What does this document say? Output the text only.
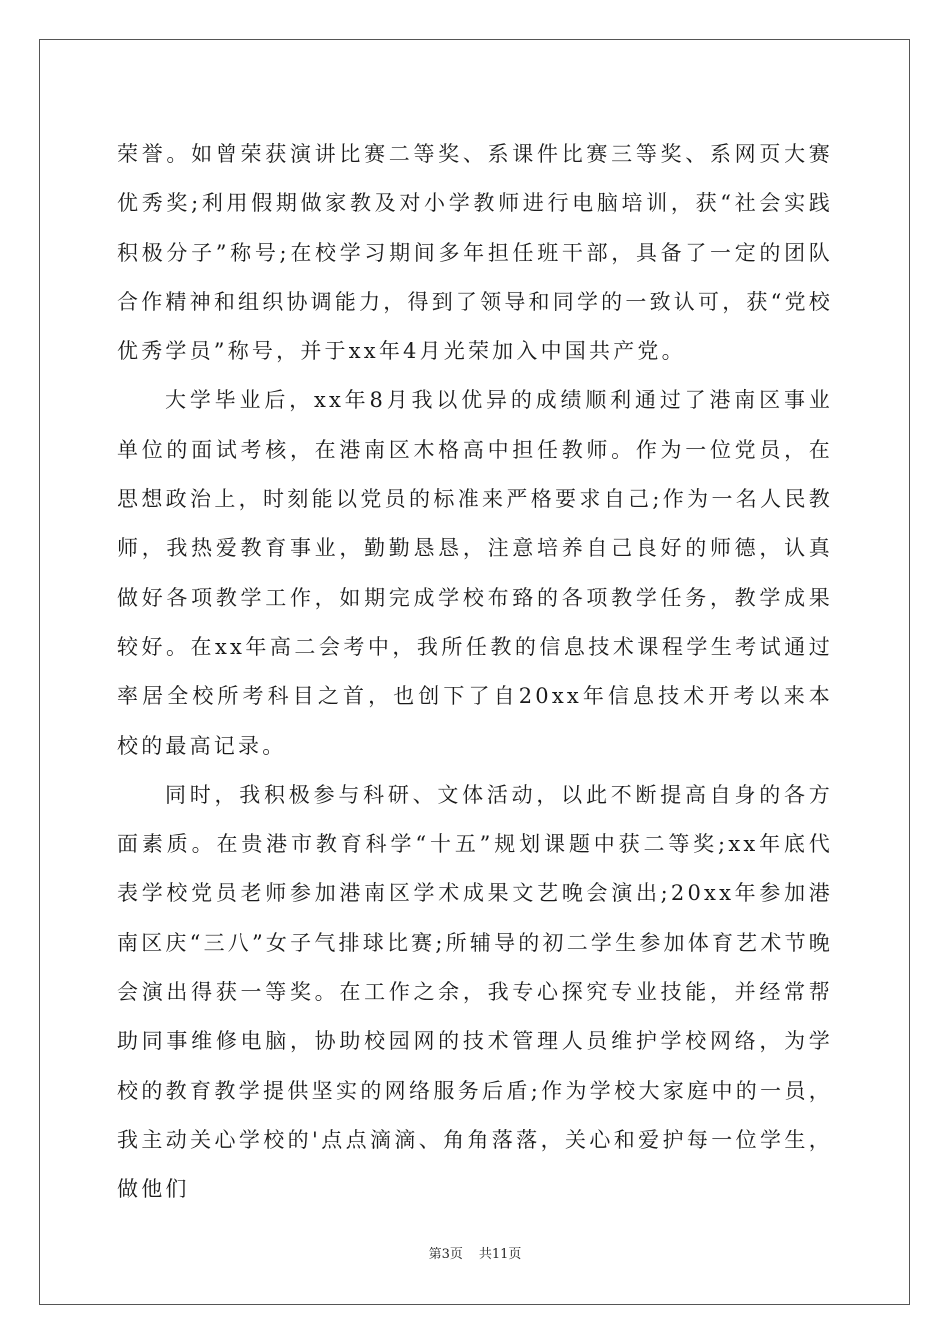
荣誉。如曾荣获演讲比赛二等奖、系课件比赛三等奖、系网页大赛优秀奖;利用假期做家教及对小学教师进行电脑培训，获“社会实践积极分子”称号;在校学习期间多年担任班干部，具备了一定的团队合作精神和组织协调能力，得到了领导和同学的一致认可，获“党校优秀学员”称号，并于xx年4月光荣加入中国共产党。

大学毕业后，xx年8月我以优异的成绩顺利通过了港南区事业单位的面试考核，在港南区木格高中担任教师。作为一位党员，在思想政治上，时刻能以党员的标准来严格要求自己;作为一名人民教师，我热爱教育事业，勤勤恳恳，注意培养自己良好的师德，认真做好各项教学工作，如期完成学校布臵的各项教学任务，教学成果较好。在xx年高二会考中，我所任教的信息技术课程学生考试通过率居全校所考科目之首，也创下了自20xx年信息技术开考以来本校的最高记录。

同时，我积极参与科研、文体活动，以此不断提高自身的各方面素质。在贵港市教育科学“十五”规划课题中获二等奖;xx年底代表学校党员老师参加港南区学术成果文艺晚会演出;20xx年参加港南区庆“三八”女子气排球比赛;所辅导的初二学生参加体育艺术节晚会演出得获一等奖。在工作之余，我专心探究专业技能，并经常帮助同事维修电脑，协助校园网的技术管理人员维护学校网络，为学校的教育教学提供坚实的网络服务后盾;作为学校大家庭中的一员，我主动关心学校的'点点滴滴、角角落落，关心和爱护每一位学生，做他们

第3页 共11页
